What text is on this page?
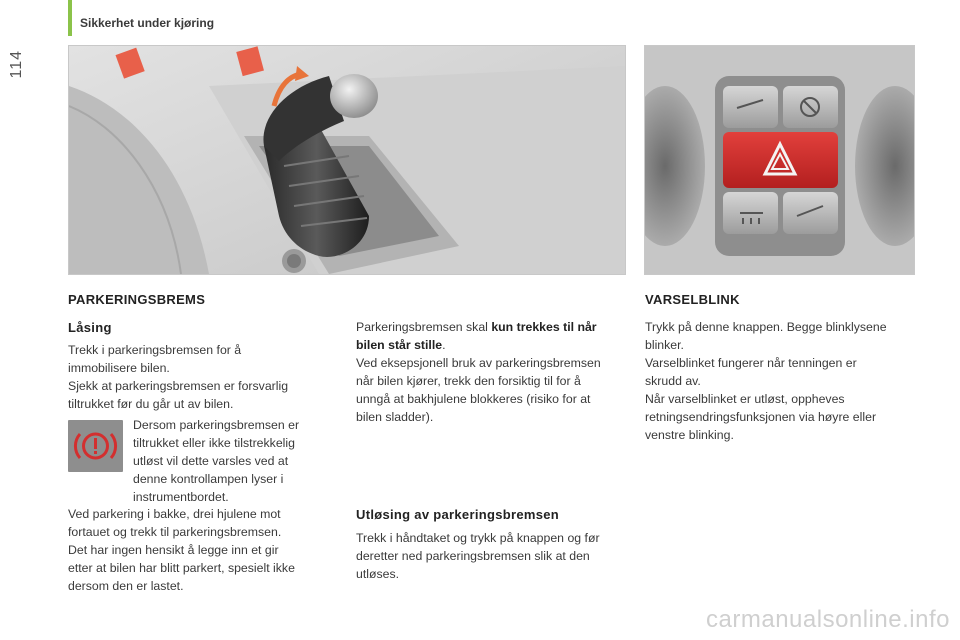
114
Sikkerhet under kjøring
PARKERINGSBREMS
Låsing

Trekk i parkeringsbremsen for å

immobilisere bilen.

Sjekk at parkeringsbremsen er forsvarlig

tiltrukket før du går ut av bilen.

Dersom parkeringsbremsen er

tiltrukket eller ikke tilstrekkelig

utløst vil dette varsles ved at

denne kontrollampen lyser i

instrumentbordet.

Ved parkering i bakke, drei hjulene mot

fortauet og trekk til parkeringsbremsen.

Det har ingen hensikt å legge inn et gir

etter at bilen har blitt parkert, spesielt ikke

dersom den er lastet.

Parkeringsbremsen skal kun trekkes til når

bilen står stille.

Ved eksepsjonell bruk av parkeringsbremsen

når bilen kjører, trekk den forsiktig til for å

unngå at bakhjulene blokkeres (risiko for at

bilen sladder).

Utløsing av parkeringsbremsen

Trekk i håndtaket og trykk på knappen og før

deretter ned parkeringsbremsen slik at den

utløses.

VARSELBLINK

Trykk på denne knappen. Begge blinklysene

blinker.

Varselblinket fungerer når tenningen er

skrudd av.

Når varselblinket er utløst, oppheves

retningsendringsfunksjonen via høyre eller

venstre blinking.

carmanualsonline.info
